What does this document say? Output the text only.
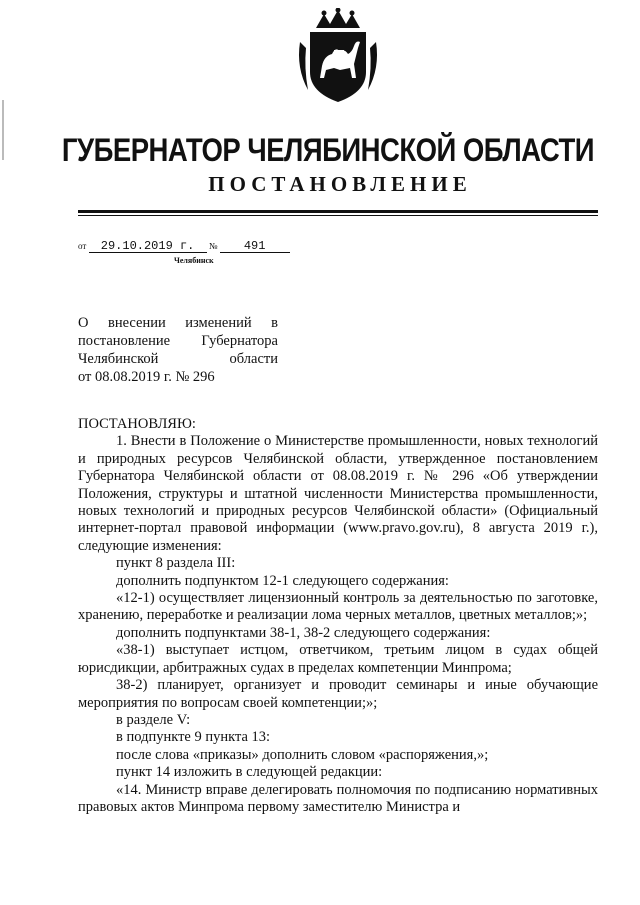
ГУБЕРНАТОР ЧЕЛЯБИНСКОЙ ОБЛАСТИ
ПОСТАНОВЛЕНИЕ
от 29.10.2019 г. № 491
Челябинск
О внесении изменений в
постановление Губернатора
Челябинской области
от 08.08.2019 г. № 296

ПОСТАНОВЛЯЮ:

1. Внести в Положение о Министерстве промышленности, новых технологий и природных ресурсов Челябинской области, утвержденное постановлением Губернатора Челябинской области от 08.08.2019 г. № 296 «Об утверждении Положения, структуры и штатной численности Министерства промышленности, новых технологий и природных ресурсов Челябинской области» (Официальный интернет-портал правовой информации (www.pravo.gov.ru), 8 августа 2019 г.), следующие изменения:

пункт 8 раздела III:

дополнить подпунктом 12-1 следующего содержания:

«12-1) осуществляет лицензионный контроль за деятельностью по заготовке, хранению, переработке и реализации лома черных металлов, цветных металлов;»;

дополнить подпунктами 38-1, 38-2 следующего содержания:

«38-1) выступает истцом, ответчиком, третьим лицом в судах общей юрисдикции, арбитражных судах в пределах компетенции Минпрома;

38-2) планирует, организует и проводит семинары и иные обучающие мероприятия по вопросам своей компетенции;»;

в разделе V:

в подпункте 9 пункта 13:

после слова «приказы» дополнить словом «распоряжения,»;

пункт 14 изложить в следующей редакции:

«14. Министр вправе делегировать полномочия по подписанию нормативных правовых актов Минпрома первому заместителю Министра и
